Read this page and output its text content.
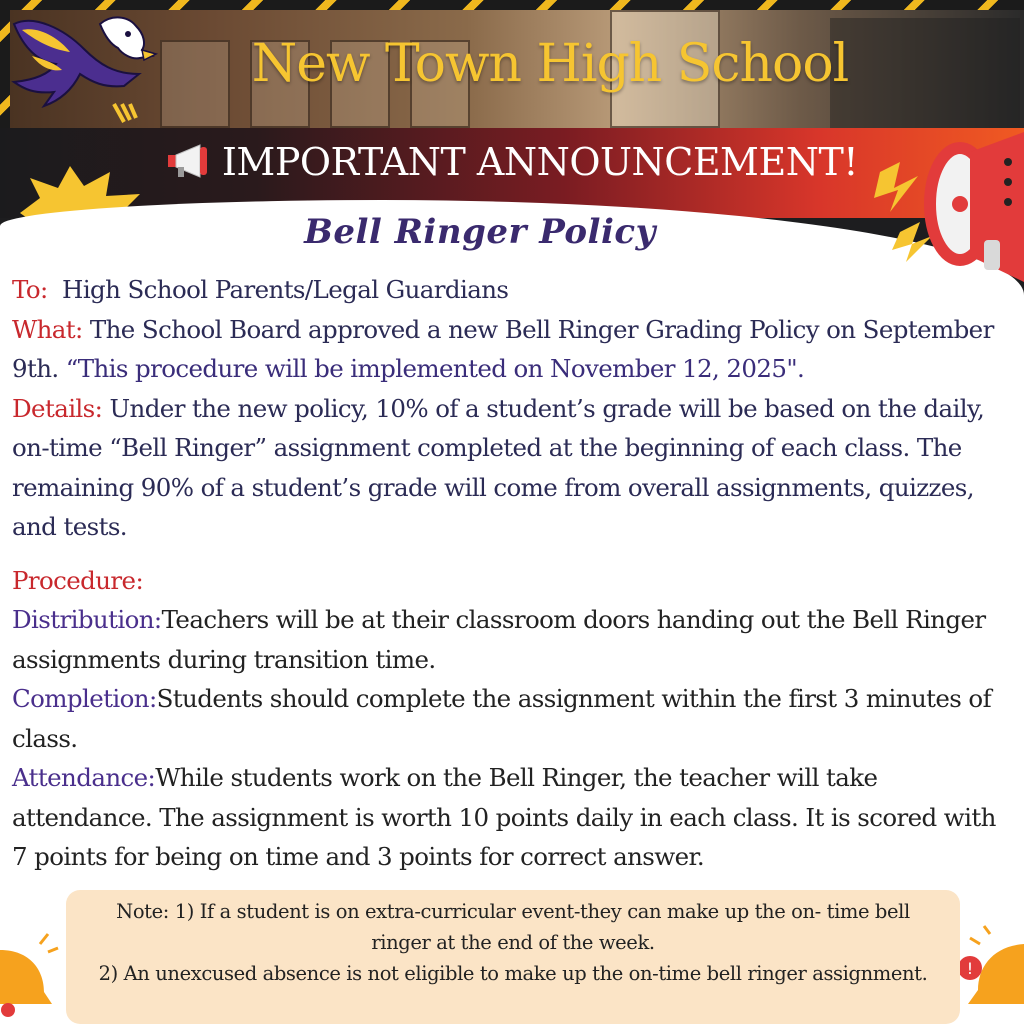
New Town High School
IMPORTANT ANNOUNCEMENT!
Bell Ringer Policy
To: High School Parents/Legal Guardians
What: The School Board approved a new Bell Ringer Grading Policy on September 9th. “This procedure will be implemented on November 12, 2025".
Details: Under the new policy, 10% of a student’s grade will be based on the daily, on-time “Bell Ringer” assignment completed at the beginning of each class. The remaining 90% of a student’s grade will come from overall assignments, quizzes, and tests.
Procedure:
Distribution:Teachers will be at their classroom doors handing out the Bell Ringer assignments during transition time.
Completion:Students should complete the assignment within the first 3 minutes of class.
Attendance:While students work on the Bell Ringer, the teacher will take attendance. The assignment is worth 10 points daily in each class. It is scored with 7 points for being on time and 3 points for correct answer.
!
Note: 1) If a student is on extra-curricular event-they can make up the on- time bell ringer at the end of the week.
2) An unexcused absence is not eligible to make up the on-time bell ringer assignment.
